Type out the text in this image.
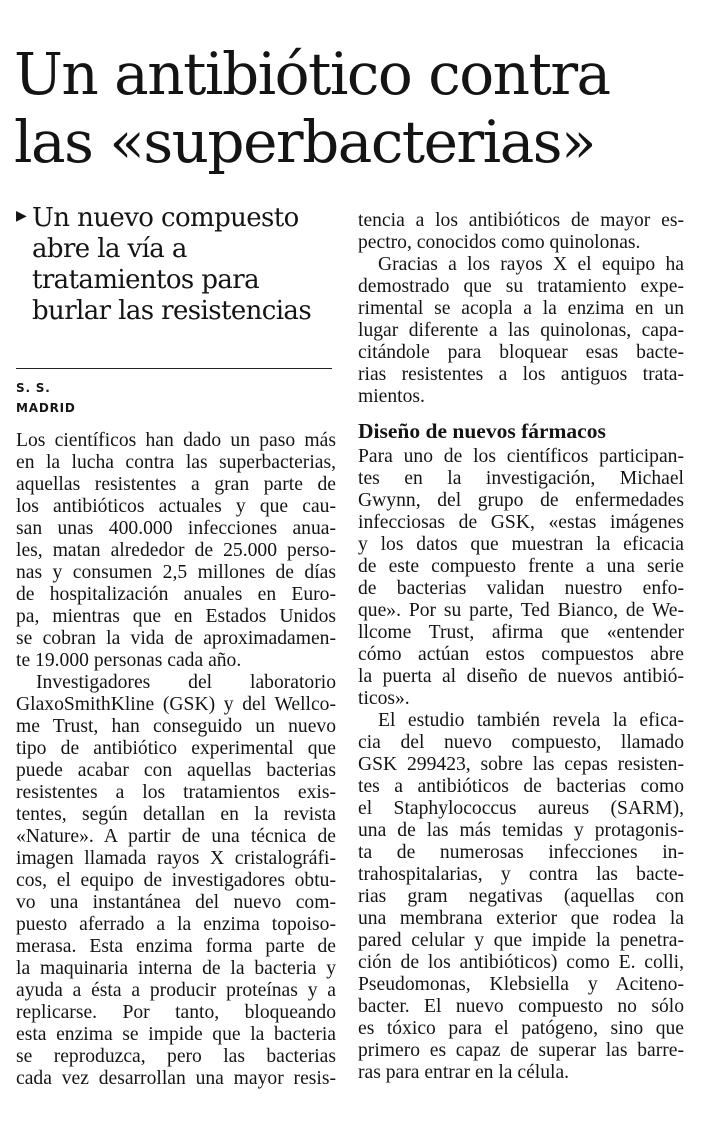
Un antibiótico contra
las «superbacterias»
▶ Un nuevo compuesto
abre la vía a
tratamientos para
burlar las resistencias
S. S.
MADRID
Los científicos han dado un paso más
en la lucha contra las superbacterias,
aquellas resistentes a gran parte de
los antibióticos actuales y que cau-
san unas 400.000 infecciones anua-
les, matan alrededor de 25.000 perso-
nas y consumen 2,5 millones de días
de hospitalización anuales en Euro-
pa, mientras que en Estados Unidos
se cobran la vida de aproximadamen-
te 19.000 personas cada año.
Investigadores del laboratorio
GlaxoSmithKline (GSK) y del Wellco-
me Trust, han conseguido un nuevo
tipo de antibiótico experimental que
puede acabar con aquellas bacterias
resistentes a los tratamientos exis-
tentes, según detallan en la revista
«Nature». A partir de una técnica de
imagen llamada rayos X cristalográfi-
cos, el equipo de investigadores obtu-
vo una instantánea del nuevo com-
puesto aferrado a la enzima topoiso-
merasa. Esta enzima forma parte de
la maquinaria interna de la bacteria y
ayuda a ésta a producir proteínas y a
replicarse. Por tanto, bloqueando
esta enzima se impide que la bacteria
se reproduzca, pero las bacterias
cada vez desarrollan una mayor resis-
tencia a los antibióticos de mayor es-
pectro, conocidos como quinolonas.
Gracias a los rayos X el equipo ha
demostrado que su tratamiento expe-
rimental se acopla a la enzima en un
lugar diferente a las quinolonas, capa-
citándole para bloquear esas bacte-
rias resistentes a los antiguos trata-
mientos.
Diseño de nuevos fármacos
Para uno de los científicos participan-
tes en la investigación, Michael
Gwynn, del grupo de enfermedades
infecciosas de GSK, «estas imágenes
y los datos que muestran la eficacia
de este compuesto frente a una serie
de bacterias validan nuestro enfo-
que». Por su parte, Ted Bianco, de We-
llcome Trust, afirma que «entender
cómo actúan estos compuestos abre
la puerta al diseño de nuevos antibió-
ticos».
El estudio también revela la efica-
cia del nuevo compuesto, llamado
GSK 299423, sobre las cepas resisten-
tes a antibióticos de bacterias como
el Staphylococcus aureus (SARM),
una de las más temidas y protagonis-
ta de numerosas infecciones in-
trahospitalarias, y contra las bacte-
rias gram negativas (aquellas con
una membrana exterior que rodea la
pared celular y que impide la penetra-
ción de los antibióticos) como E. colli,
Pseudomonas, Klebsiella y Acitenо-
bacter. El nuevo compuesto no sólo
es tóxico para el patógeno, sino que
primero es capaz de superar las barre-
ras para entrar en la célula.
